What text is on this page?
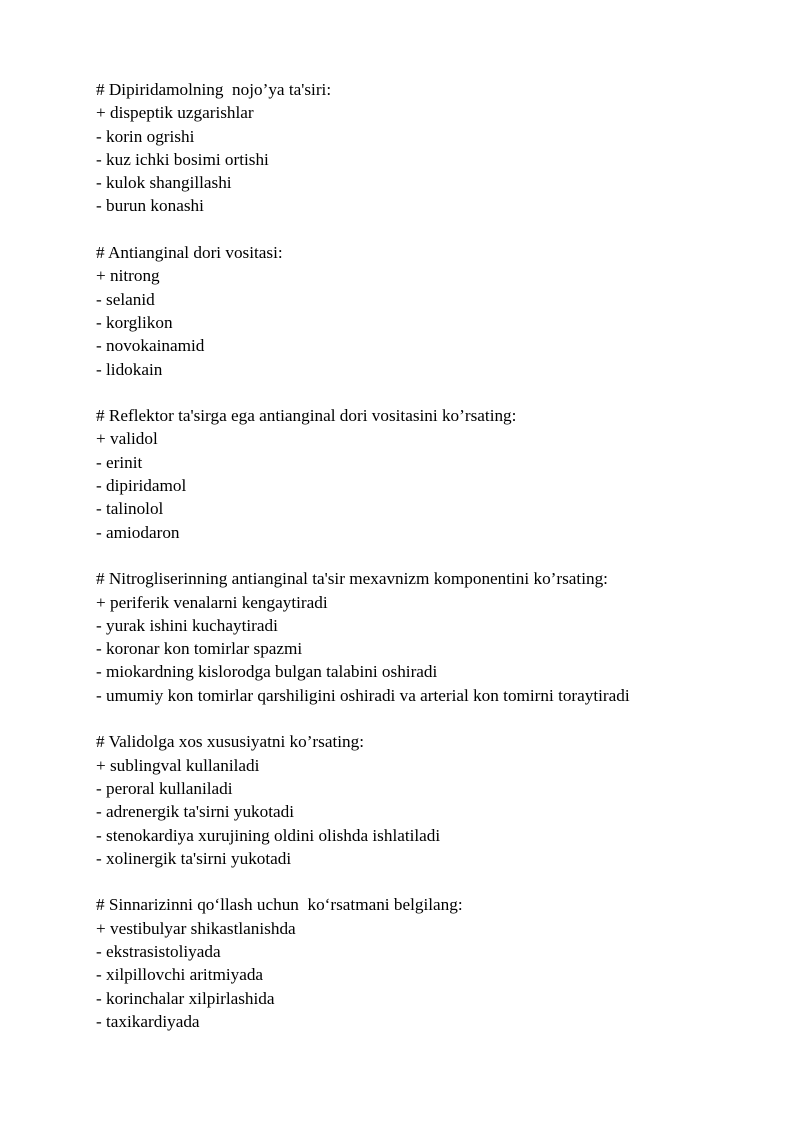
# Dipiridamolning  nojo’ya ta'siri:
+ dispeptik uzgarishlar
- korin ogrishi
- kuz ichki bosimi ortishi
- kulok shangillashi
- burun konashi
# Antianginal dori vositasi:
+ nitrong
- selanid
- korglikon
- novokainamid
- lidokain
# Reflektor ta'sirga ega antianginal dori vositasini ko’rsating:
+ validol
- erinit
- dipiridamol
- talinolol
- amiodaron
# Nitrogliserinning antianginal ta'sir mexavnizm komponentini ko’rsating:
+ periferik venalarni kengaytiradi
- yurak ishini kuchaytiradi
- koronar kon tomirlar spazmi
- miokardning kislorodga bulgan talabini oshiradi
- umumiy kon tomirlar qarshiligini oshiradi va arterial kon tomirni toraytiradi
# Validolga xos xususiyatni ko’rsating:
+ sublingval kullaniladi
- peroral kullaniladi
- adrenergik ta'sirni yukotadi
- stenokardiya xurujining oldini olishda ishlatiladi
- xolinergik ta'sirni yukotadi
# Sinnarizinni qo‘llash uchun  ko‘rsatmani belgilang:
+ vestibulyar shikastlanishda
- ekstrasistoliyada
- xilpillovchi aritmiyada
- korinchalar xilpirlashida
- taxikardiyada
